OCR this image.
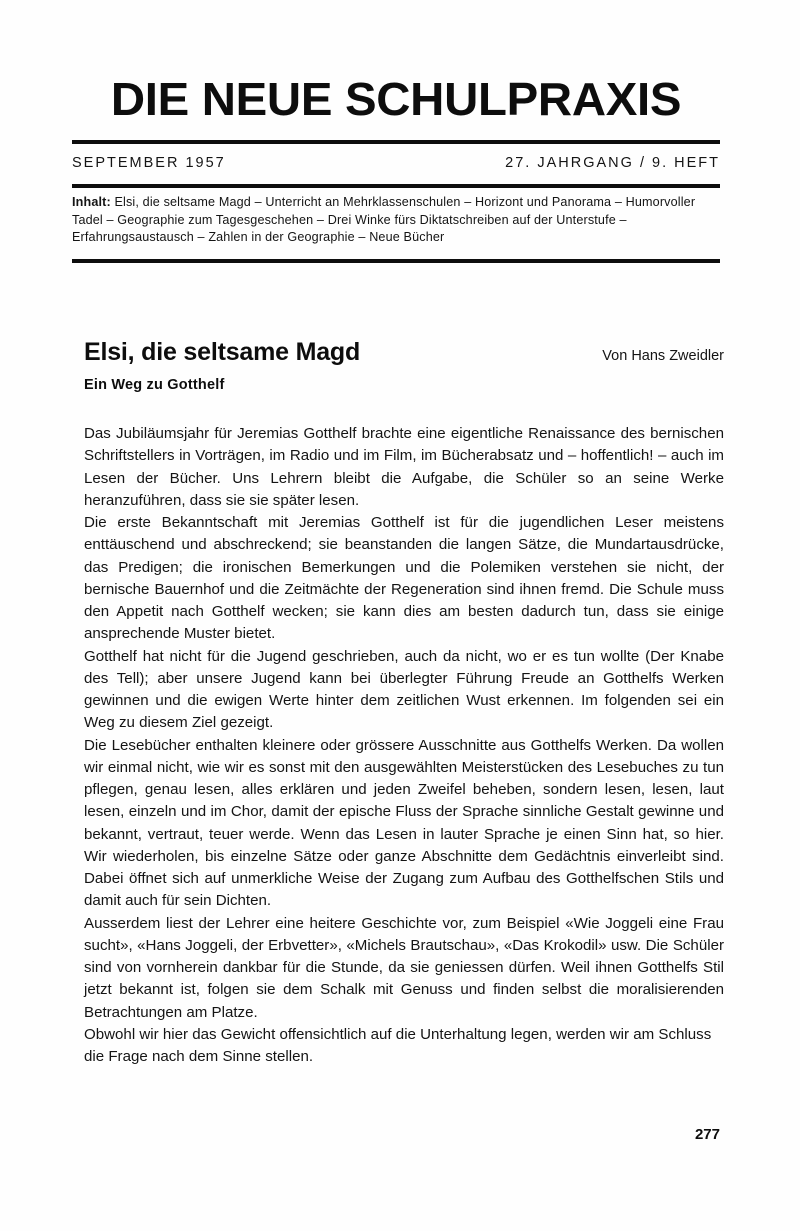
DIE NEUE SCHULPRAXIS
SEPTEMBER 1957	27. JAHRGANG / 9. HEFT
Inhalt: Elsi, die seltsame Magd – Unterricht an Mehrklassenschulen – Horizont und Panorama – Humorvoller Tadel – Geographie zum Tagesgeschehen – Drei Winke fürs Diktatschreiben auf der Unterstufe – Erfahrungsaustausch – Zahlen in der Geographie – Neue Bücher
Elsi, die seltsame Magd	Von Hans Zweidler
Ein Weg zu Gotthelf

Das Jubiläumsjahr für Jeremias Gotthelf brachte eine eigentliche Renaissance des bernischen Schriftstellers in Vorträgen, im Radio und im Film, im Bücherabsatz und – hoffentlich! – auch im Lesen der Bücher. Uns Lehrern bleibt die Aufgabe, die Schüler so an seine Werke heranzuführen, dass sie sie später lesen.

Die erste Bekanntschaft mit Jeremias Gotthelf ist für die jugendlichen Leser meistens enttäuschend und abschreckend; sie beanstanden die langen Sätze, die Mundartausdrücke, das Predigen; die ironischen Bemerkungen und die Polemiken verstehen sie nicht, der bernische Bauernhof und die Zeitmächte der Regeneration sind ihnen fremd. Die Schule muss den Appetit nach Gotthelf wecken; sie kann dies am besten dadurch tun, dass sie einige ansprechende Muster bietet.

Gotthelf hat nicht für die Jugend geschrieben, auch da nicht, wo er es tun wollte (Der Knabe des Tell); aber unsere Jugend kann bei überlegter Führung Freude an Gotthelfs Werken gewinnen und die ewigen Werte hinter dem zeitlichen Wust erkennen. Im folgenden sei ein Weg zu diesem Ziel gezeigt.

Die Lesebücher enthalten kleinere oder grössere Ausschnitte aus Gotthelfs Werken. Da wollen wir einmal nicht, wie wir es sonst mit den ausgewählten Meisterstücken des Lesebuches zu tun pflegen, genau lesen, alles erklären und jeden Zweifel beheben, sondern lesen, lesen, laut lesen, einzeln und im Chor, damit der epische Fluss der Sprache sinnliche Gestalt gewinne und bekannt, vertraut, teuer werde. Wenn das Lesen in lauter Sprache je einen Sinn hat, so hier. Wir wiederholen, bis einzelne Sätze oder ganze Abschnitte dem Gedächtnis einverleibt sind. Dabei öffnet sich auf unmerkliche Weise der Zugang zum Aufbau des Gotthelfschen Stils und damit auch für sein Dichten.

Ausserdem liest der Lehrer eine heitere Geschichte vor, zum Beispiel «Wie Joggeli eine Frau sucht», «Hans Joggeli, der Erbvetter», «Michels Brautschau», «Das Krokodil» usw. Die Schüler sind von vornherein dankbar für die Stunde, da sie geniessen dürfen. Weil ihnen Gotthelfs Stil jetzt bekannt ist, folgen sie dem Schalk mit Genuss und finden selbst die moralisierenden Betrachtungen am Platze.

Obwohl wir hier das Gewicht offensichtlich auf die Unterhaltung legen, werden wir am Schluss die Frage nach dem Sinne stellen.

277
